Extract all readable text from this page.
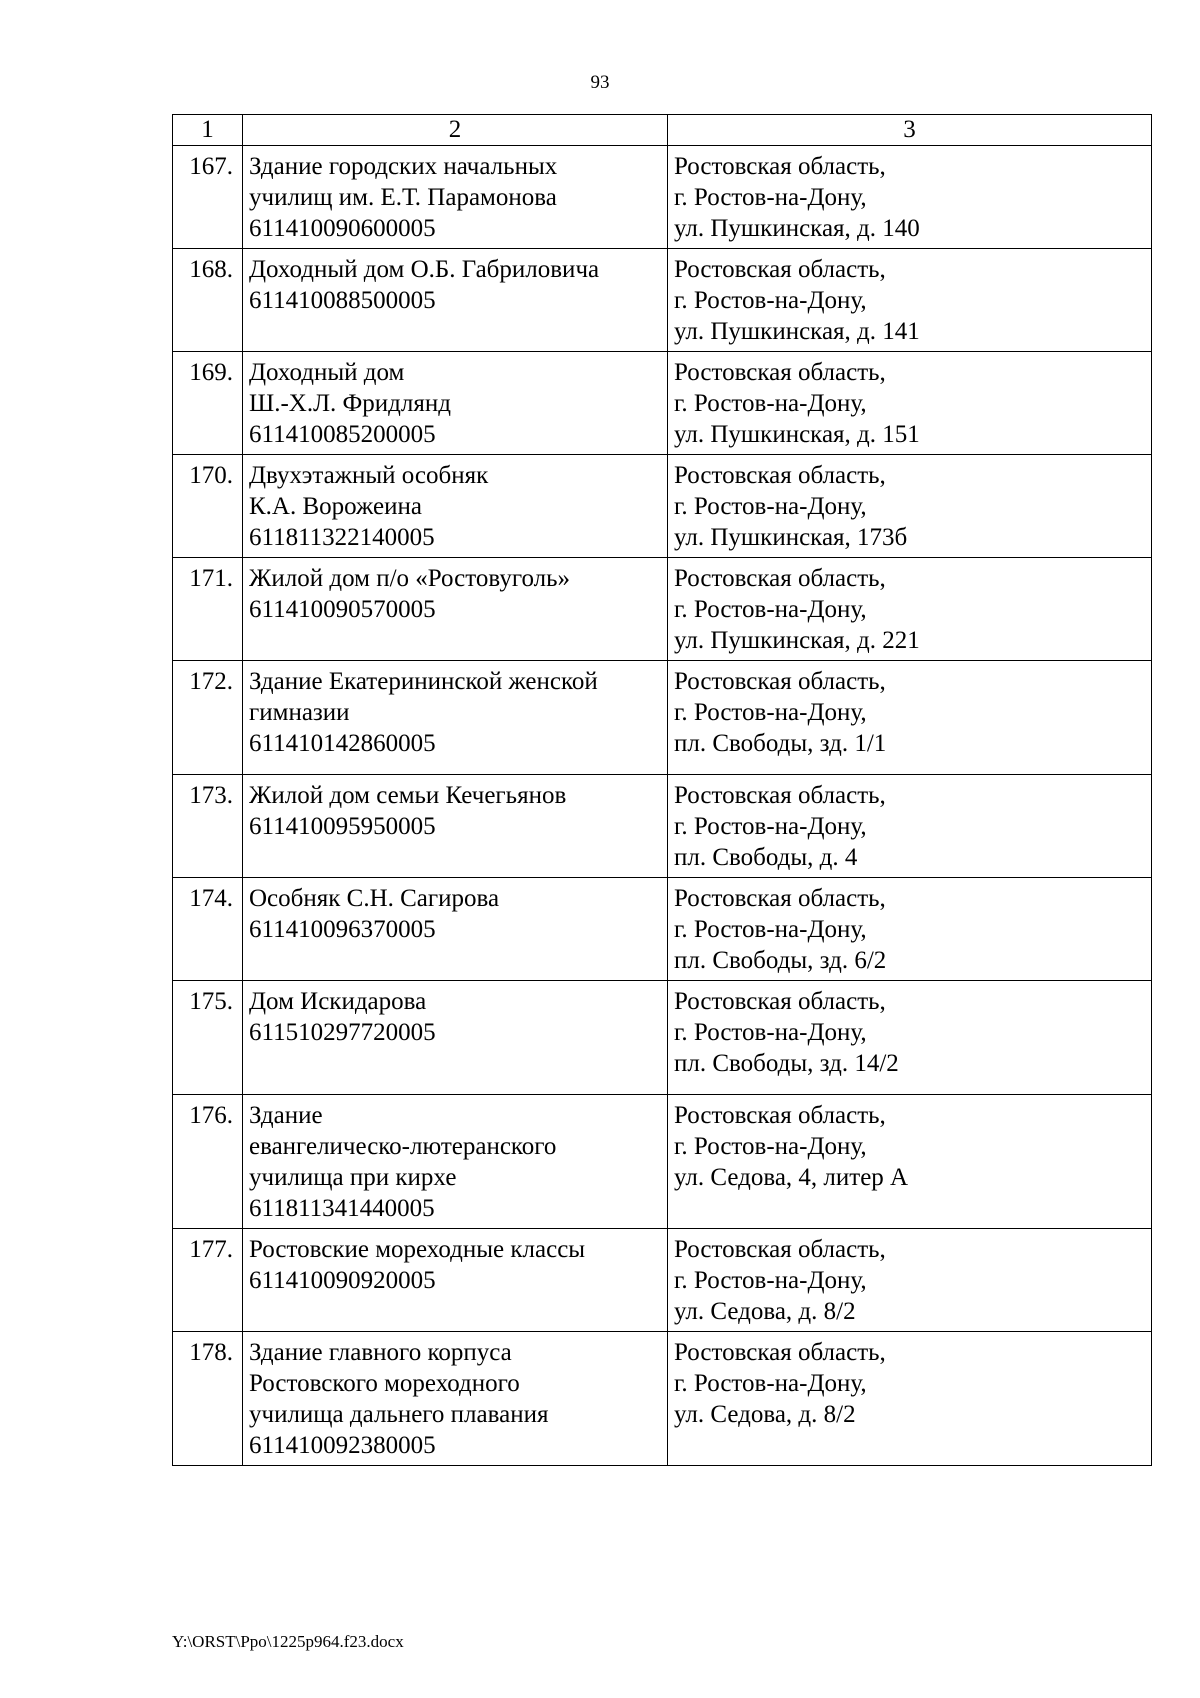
93
1	2	3
167.	Здание городских начальных
училищ им. Е.Т. Парамонова
611410090600005	Ростовская область,
г. Ростов-на-Дону,
ул. Пушкинская, д. 140

168.	Доходный дом О.Б. Габриловича
611410088500005	Ростовская область,
г. Ростов-на-Дону,
ул. Пушкинская, д. 141

169.	Доходный дом
Ш.-Х.Л. Фридлянд
611410085200005	Ростовская область,
г. Ростов-на-Дону,
ул. Пушкинская, д. 151

170.	Двухэтажный особняк
К.А. Ворожеина
611811322140005	Ростовская область,
г. Ростов-на-Дону,
ул. Пушкинская, 173б

171.	Жилой дом п/о «Ростовуголь»
611410090570005	Ростовская область,
г. Ростов-на-Дону,
ул. Пушкинская, д. 221

172.	Здание Екатерининской женской
гимназии
611410142860005	Ростовская область,
г. Ростов-на-Дону,
пл. Свободы, зд. 1/1

173.	Жилой дом семьи Кечегьянов
611410095950005	Ростовская область,
г. Ростов-на-Дону,
пл. Свободы, д. 4

174.	Особняк С.Н. Сагирова
611410096370005	Ростовская область,
г. Ростов-на-Дону,
пл. Свободы, зд. 6/2

175.	Дом Искидарова
611510297720005	Ростовская область,
г. Ростов-на-Дону,
пл. Свободы, зд. 14/2

176.	Здание
евангелическо-лютеранского
училища при кирхе
611811341440005	Ростовская область,
г. Ростов-на-Дону,
ул. Седова, 4, литер А

177.	Ростовские мореходные классы
611410090920005	Ростовская область,
г. Ростов-на-Дону,
ул. Седова, д. 8/2

178.	Здание главного корпуса
Ростовского мореходного
училища дальнего плавания
611410092380005	Ростовская область,
г. Ростов-на-Дону,
ул. Седова, д. 8/2
Y:\ORST\Ppo\1225p964.f23.docx
